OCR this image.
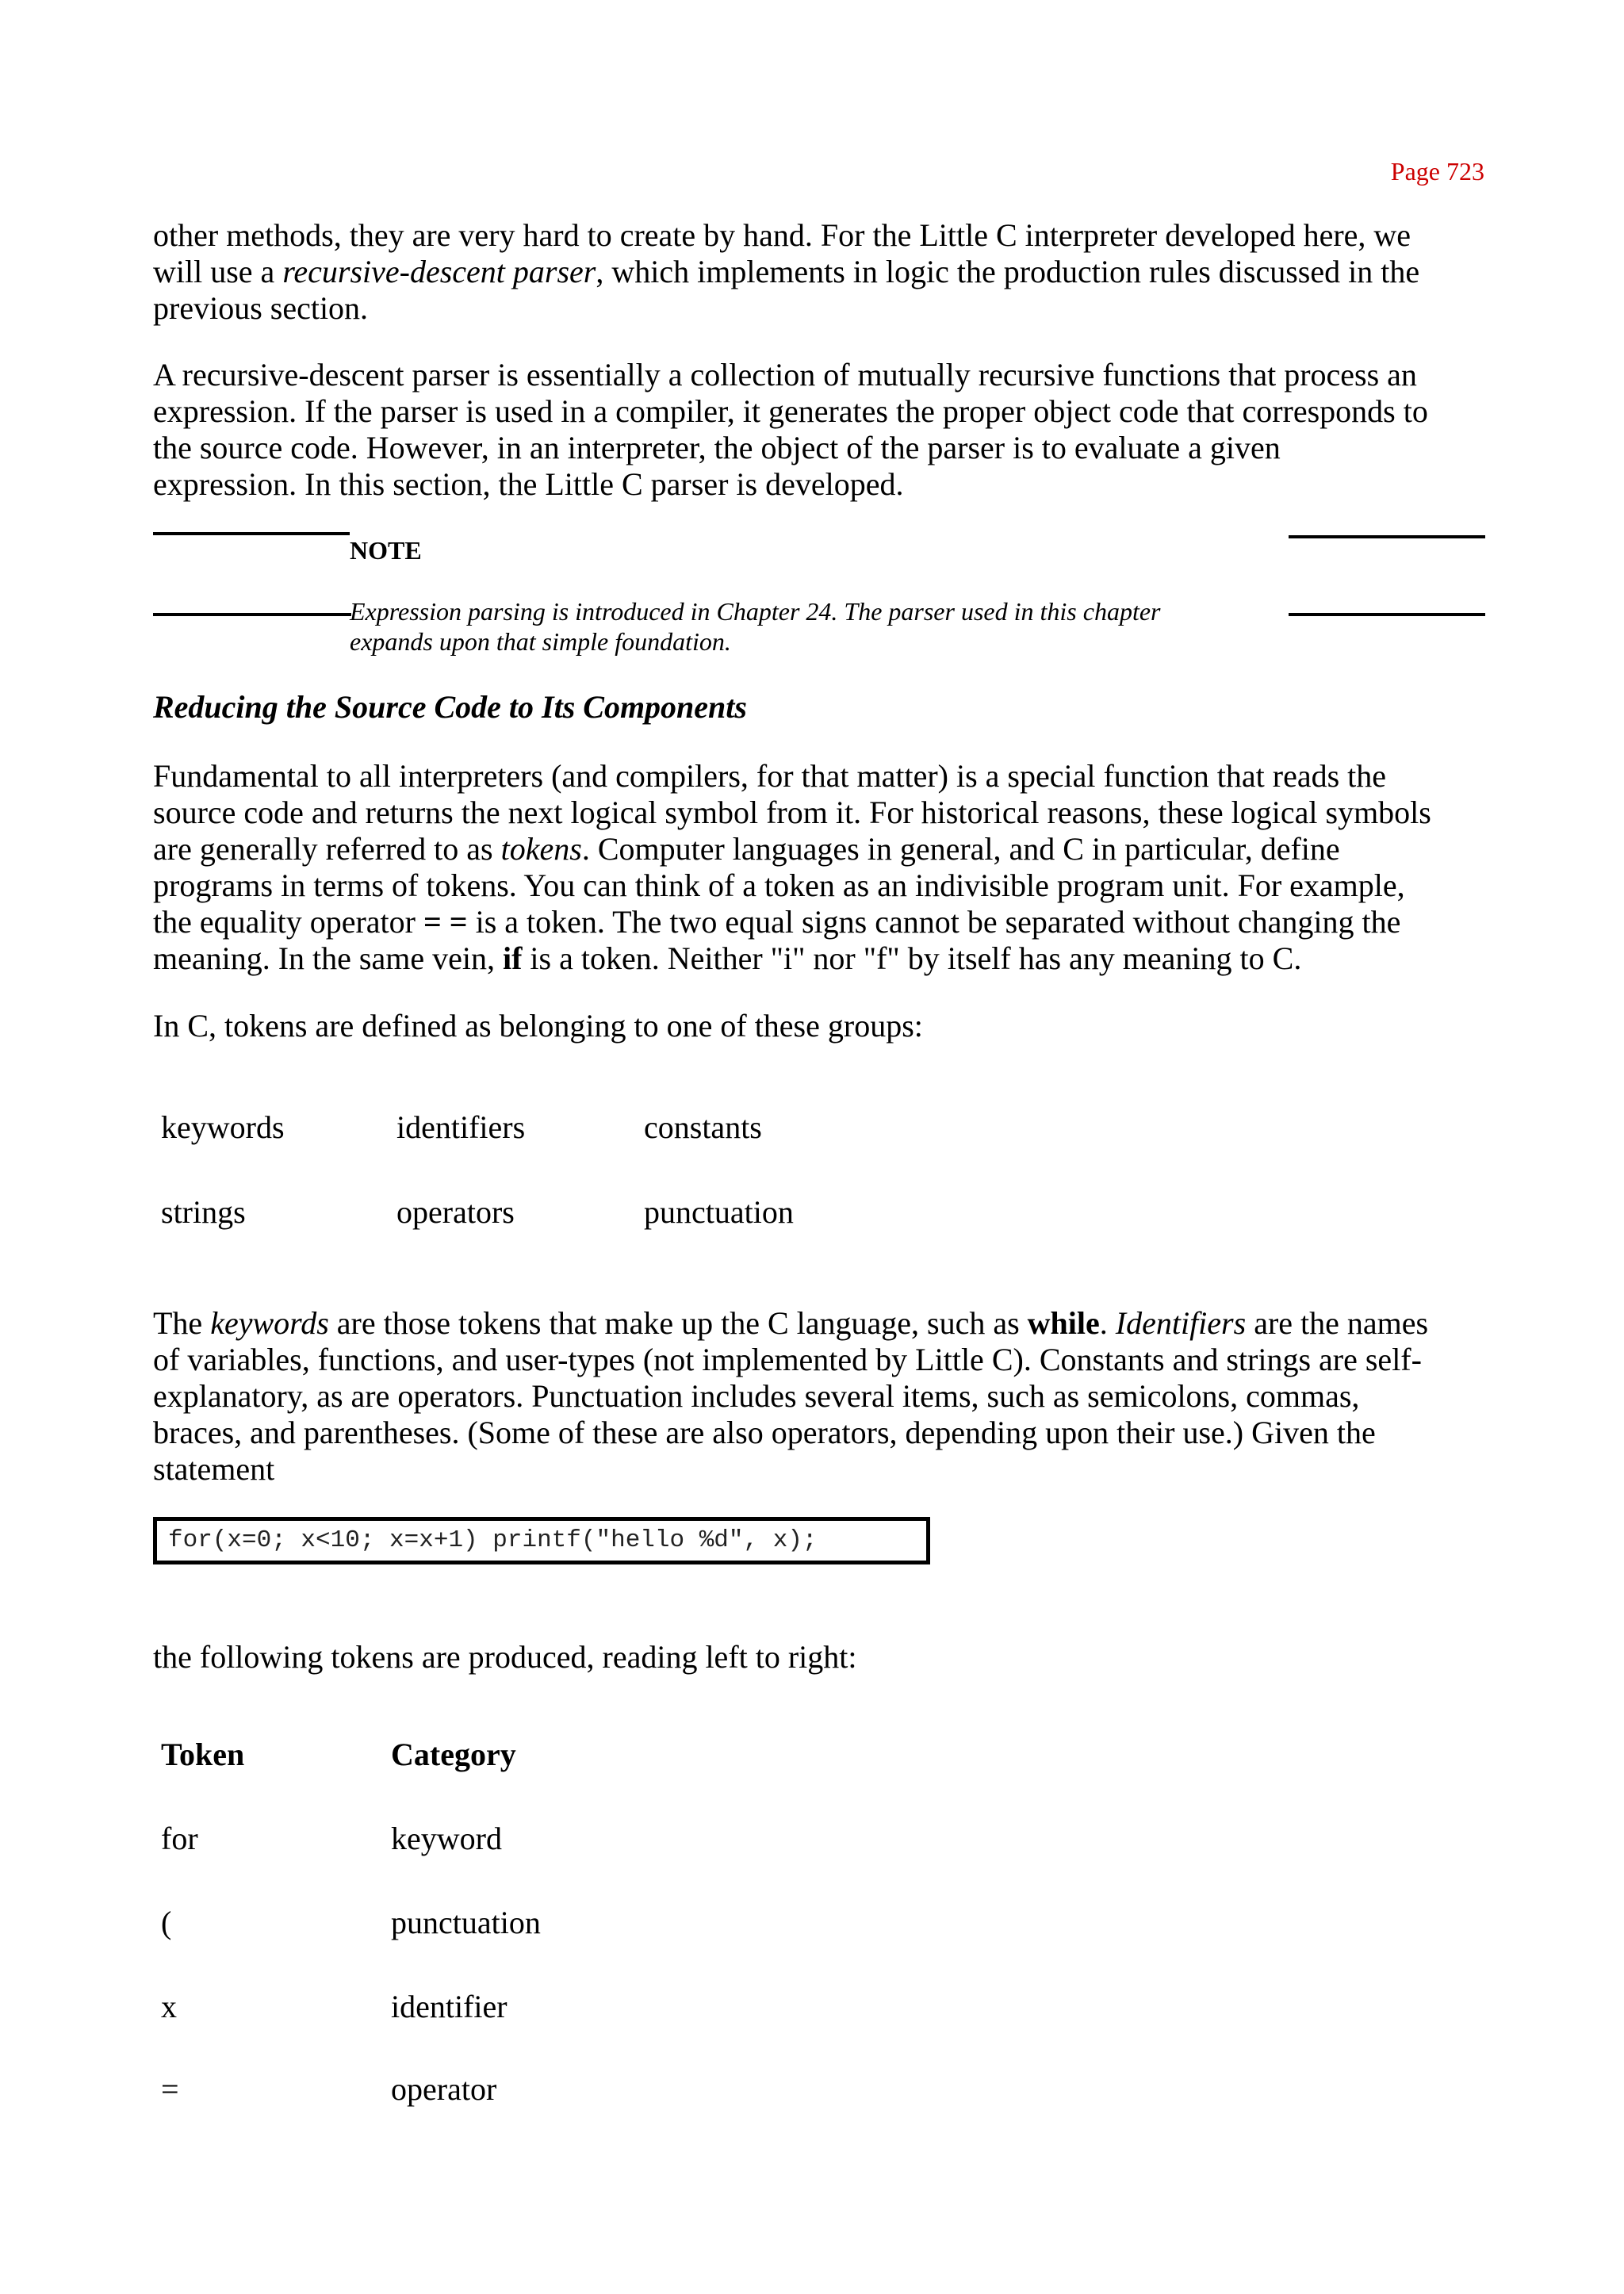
Page 723
other methods, they are very hard to create by hand. For the Little C interpreter developed here, we
will use a recursive-descent parser, which implements in logic the production rules discussed in the
previous section.
A recursive-descent parser is essentially a collection of mutually recursive functions that process an
expression. If the parser is used in a compiler, it generates the proper object code that corresponds to
the source code. However, in an interpreter, the object of the parser is to evaluate a given
expression. In this section, the Little C parser is developed.
NOTE
Expression parsing is introduced in Chapter 24. The parser used in this chapter
expands upon that simple foundation.
Reducing the Source Code to Its Components
Fundamental to all interpreters (and compilers, for that matter) is a special function that reads the
source code and returns the next logical symbol from it. For historical reasons, these logical symbols
are generally referred to as tokens. Computer languages in general, and C in particular, define
programs in terms of tokens. You can think of a token as an indivisible program unit. For example,
the equality operator = = is a token. The two equal signs cannot be separated without changing the
meaning. In the same vein, if is a token. Neither "i" nor "f" by itself has any meaning to C.
In C, tokens are defined as belonging to one of these groups:
keywords	identifiers	constants
strings	operators	punctuation
The keywords are those tokens that make up the C language, such as while. Identifiers are the names
of variables, functions, and user-types (not implemented by Little C). Constants and strings are self-
explanatory, as are operators. Punctuation includes several items, such as semicolons, commas,
braces, and parentheses. (Some of these are also operators, depending upon their use.) Given the
statement
for(x=0; x<10; x=x+1) printf("hello %d", x);
the following tokens are produced, reading left to right:
Token	Category
for	keyword
(	punctuation
x	identifier
=	operator
